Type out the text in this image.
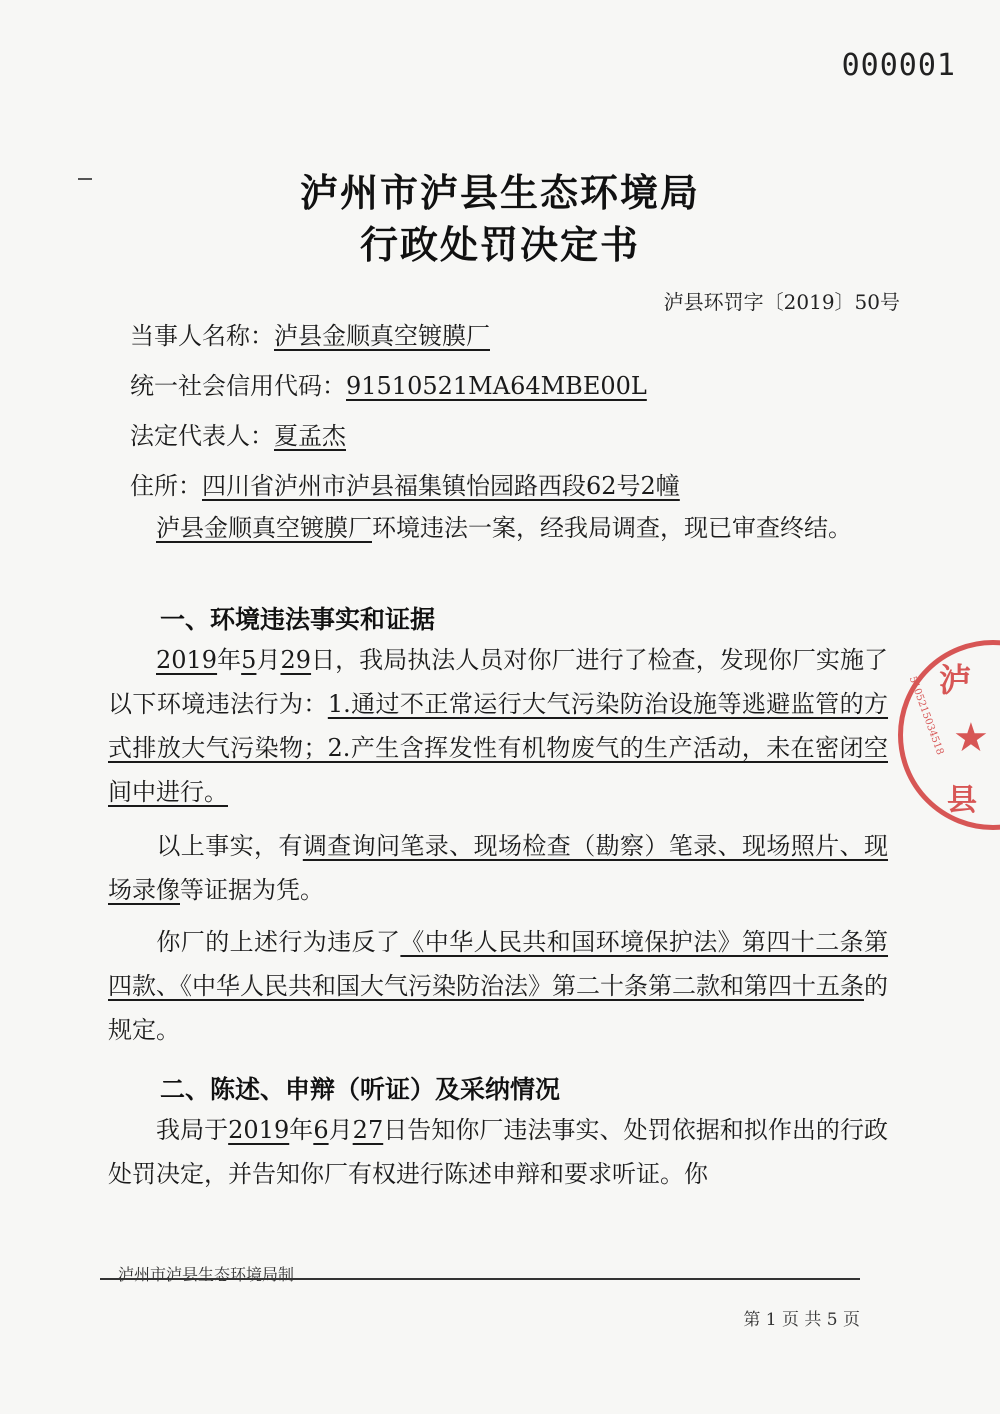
000001
泸州市泸县生态环境局
行政处罚决定书
泸县环罚字〔2019〕50号
当事人名称：泸县金顺真空镀膜厂
统一社会信用代码：91510521MA64MBE00L
法定代表人：夏孟杰
住所：四川省泸州市泸县福集镇怡园路西段62号2幢
泸县金顺真空镀膜厂环境违法一案，经我局调查，现已审查终结。
一、环境违法事实和证据
2019年5月29日，我局执法人员对你厂进行了检查，发现你厂实施了以下环境违法行为：1.通过不正常运行大气污染防治设施等逃避监管的方式排放大气污染物；2.产生含挥发性有机物废气的生产活动，未在密闭空间中进行。
以上事实，有调查询问笔录、现场检查（勘察）笔录、现场照片、现场录像等证据为凭。
你厂的上述行为违反了《中华人民共和国环境保护法》第四十二条第四款、《中华人民共和国大气污染防治法》第二十条第二款和第四十五条的规定。
二、陈述、申辩（听证）及采纳情况
我局于2019年6月27日告知你厂违法事实、处罚依据和拟作出的行政处罚决定，并告知你厂有权进行陈述申辩和要求听证。你
泸州市泸县生态环境局制
第 1 页 共 5 页
泸
5105215034518 ★
县
